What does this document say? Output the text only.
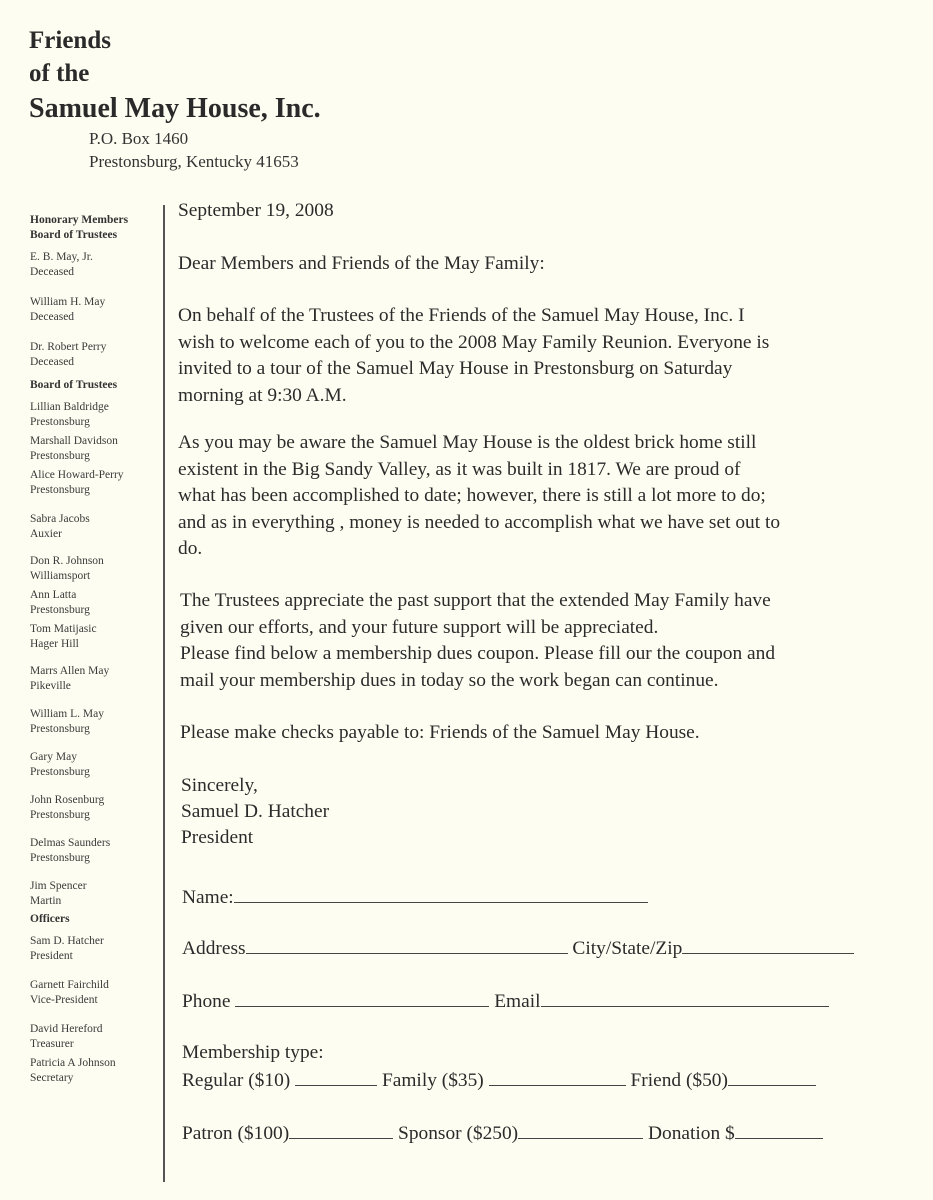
Friends
of the
Samuel May House, Inc.
P.O. Box 1460
Prestonsburg, Kentucky 41653
Honorary Members
Board of Trustees
E. B. May, Jr.
Deceased
William H. May
Deceased
Dr. Robert Perry
Deceased
Board of Trustees
Lillian Baldridge
Prestonsburg
Marshall Davidson
Prestonsburg
Alice Howard-Perry
Prestonsburg
Sabra Jacobs
Auxier
Don R. Johnson
Williamsport
Ann Latta
Prestonsburg
Tom Matijasic
Hager Hill
Marrs Allen May
Pikeville
William L. May
Prestonsburg
Gary May
Prestonsburg
John Rosenburg
Prestonsburg
Delmas Saunders
Prestonsburg
Jim Spencer
Martin
Officers
Sam D. Hatcher
President
Garnett Fairchild
Vice-President
David Hereford
Treasurer
Patricia A Johnson
Secretary
September 19, 2008
Dear Members and Friends of the May Family:
On behalf of the Trustees of the Friends of the Samuel May House, Inc. I
wish to welcome each of you to the 2008 May Family Reunion. Everyone is
invited to a tour of the Samuel May House in Prestonsburg on Saturday
morning at 9:30 A.M.
As you may be aware the Samuel May House is the oldest brick home still
existent in the Big Sandy Valley, as it was built in 1817. We are proud of
what has been accomplished to date; however, there is still a lot more to do;
and as in everything , money is needed to accomplish what we have set out to
do.
The Trustees appreciate the past support that the extended May Family have
given our efforts, and your future support will be appreciated.
Please find below a membership dues coupon. Please fill our the coupon and
mail your membership dues in today so the work began can continue.
Please make checks payable to: Friends of the Samuel May House.
Sincerely,
Samuel D. Hatcher
President
Name:
Address	City/State/Zip
Phone	Email
Membership type:
Regular ($10)	Family ($35)	Friend ($50)
Patron ($100)	Sponsor ($250)	Donation $
